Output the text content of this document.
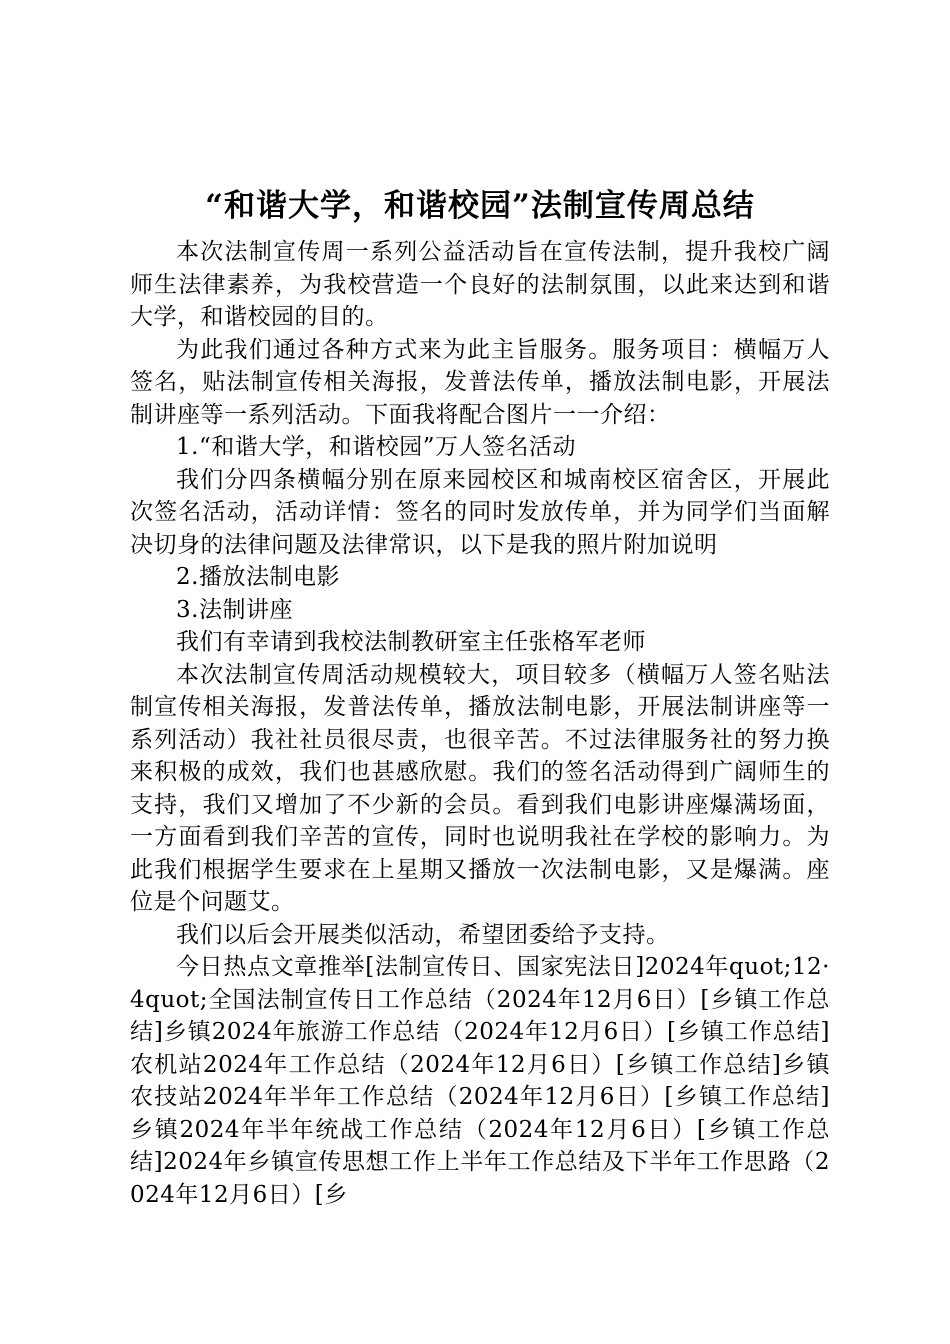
“和谐大学，和谐校园”法制宣传周总结

本次法制宣传周一系列公益活动旨在宣传法制，提升我校广阔师生法律素养，为我校营造一个良好的法制氛围，以此来达到和谐大学，和谐校园的目的。

为此我们通过各种方式来为此主旨服务。服务项目：横幅万人签名，贴法制宣传相关海报，发普法传单，播放法制电影，开展法制讲座等一系列活动。下面我将配合图片一一介绍：

1.“和谐大学，和谐校园”万人签名活动

我们分四条横幅分别在原来园校区和城南校区宿舍区，开展此次签名活动，活动详情：签名的同时发放传单，并为同学们当面解决切身的法律问题及法律常识，以下是我的照片附加说明

2.播放法制电影

3.法制讲座

我们有幸请到我校法制教研室主任张格军老师

本次法制宣传周活动规模较大，项目较多（横幅万人签名贴法制宣传相关海报，发普法传单，播放法制电影，开展法制讲座等一系列活动）我社社员很尽责，也很辛苦。不过法律服务社的努力换来积极的成效，我们也甚感欣慰。我们的签名活动得到广阔师生的支持，我们又增加了不少新的会员。看到我们电影讲座爆满场面，一方面看到我们辛苦的宣传，同时也说明我社在学校的影响力。为此我们根据学生要求在上星期又播放一次法制电影，又是爆满。座位是个问题艾。

我们以后会开展类似活动，希望团委给予支持。

今日热点文章推举[法制宣传日、国家宪法日]2024年quot;12·4quot;全国法制宣传日工作总结（2024年12月6日）[乡镇工作总结]乡镇2024年旅游工作总结（2024年12月6日）[乡镇工作总结]农机站2024年工作总结（2024年12月6日）[乡镇工作总结]乡镇农技站2024年半年工作总结（2024年12月6日）[乡镇工作总结]乡镇2024年半年统战工作总结（2024年12月6日）[乡镇工作总结]2024年乡镇宣传思想工作上半年工作总结及下半年工作思路（2024年12月6日）[乡
